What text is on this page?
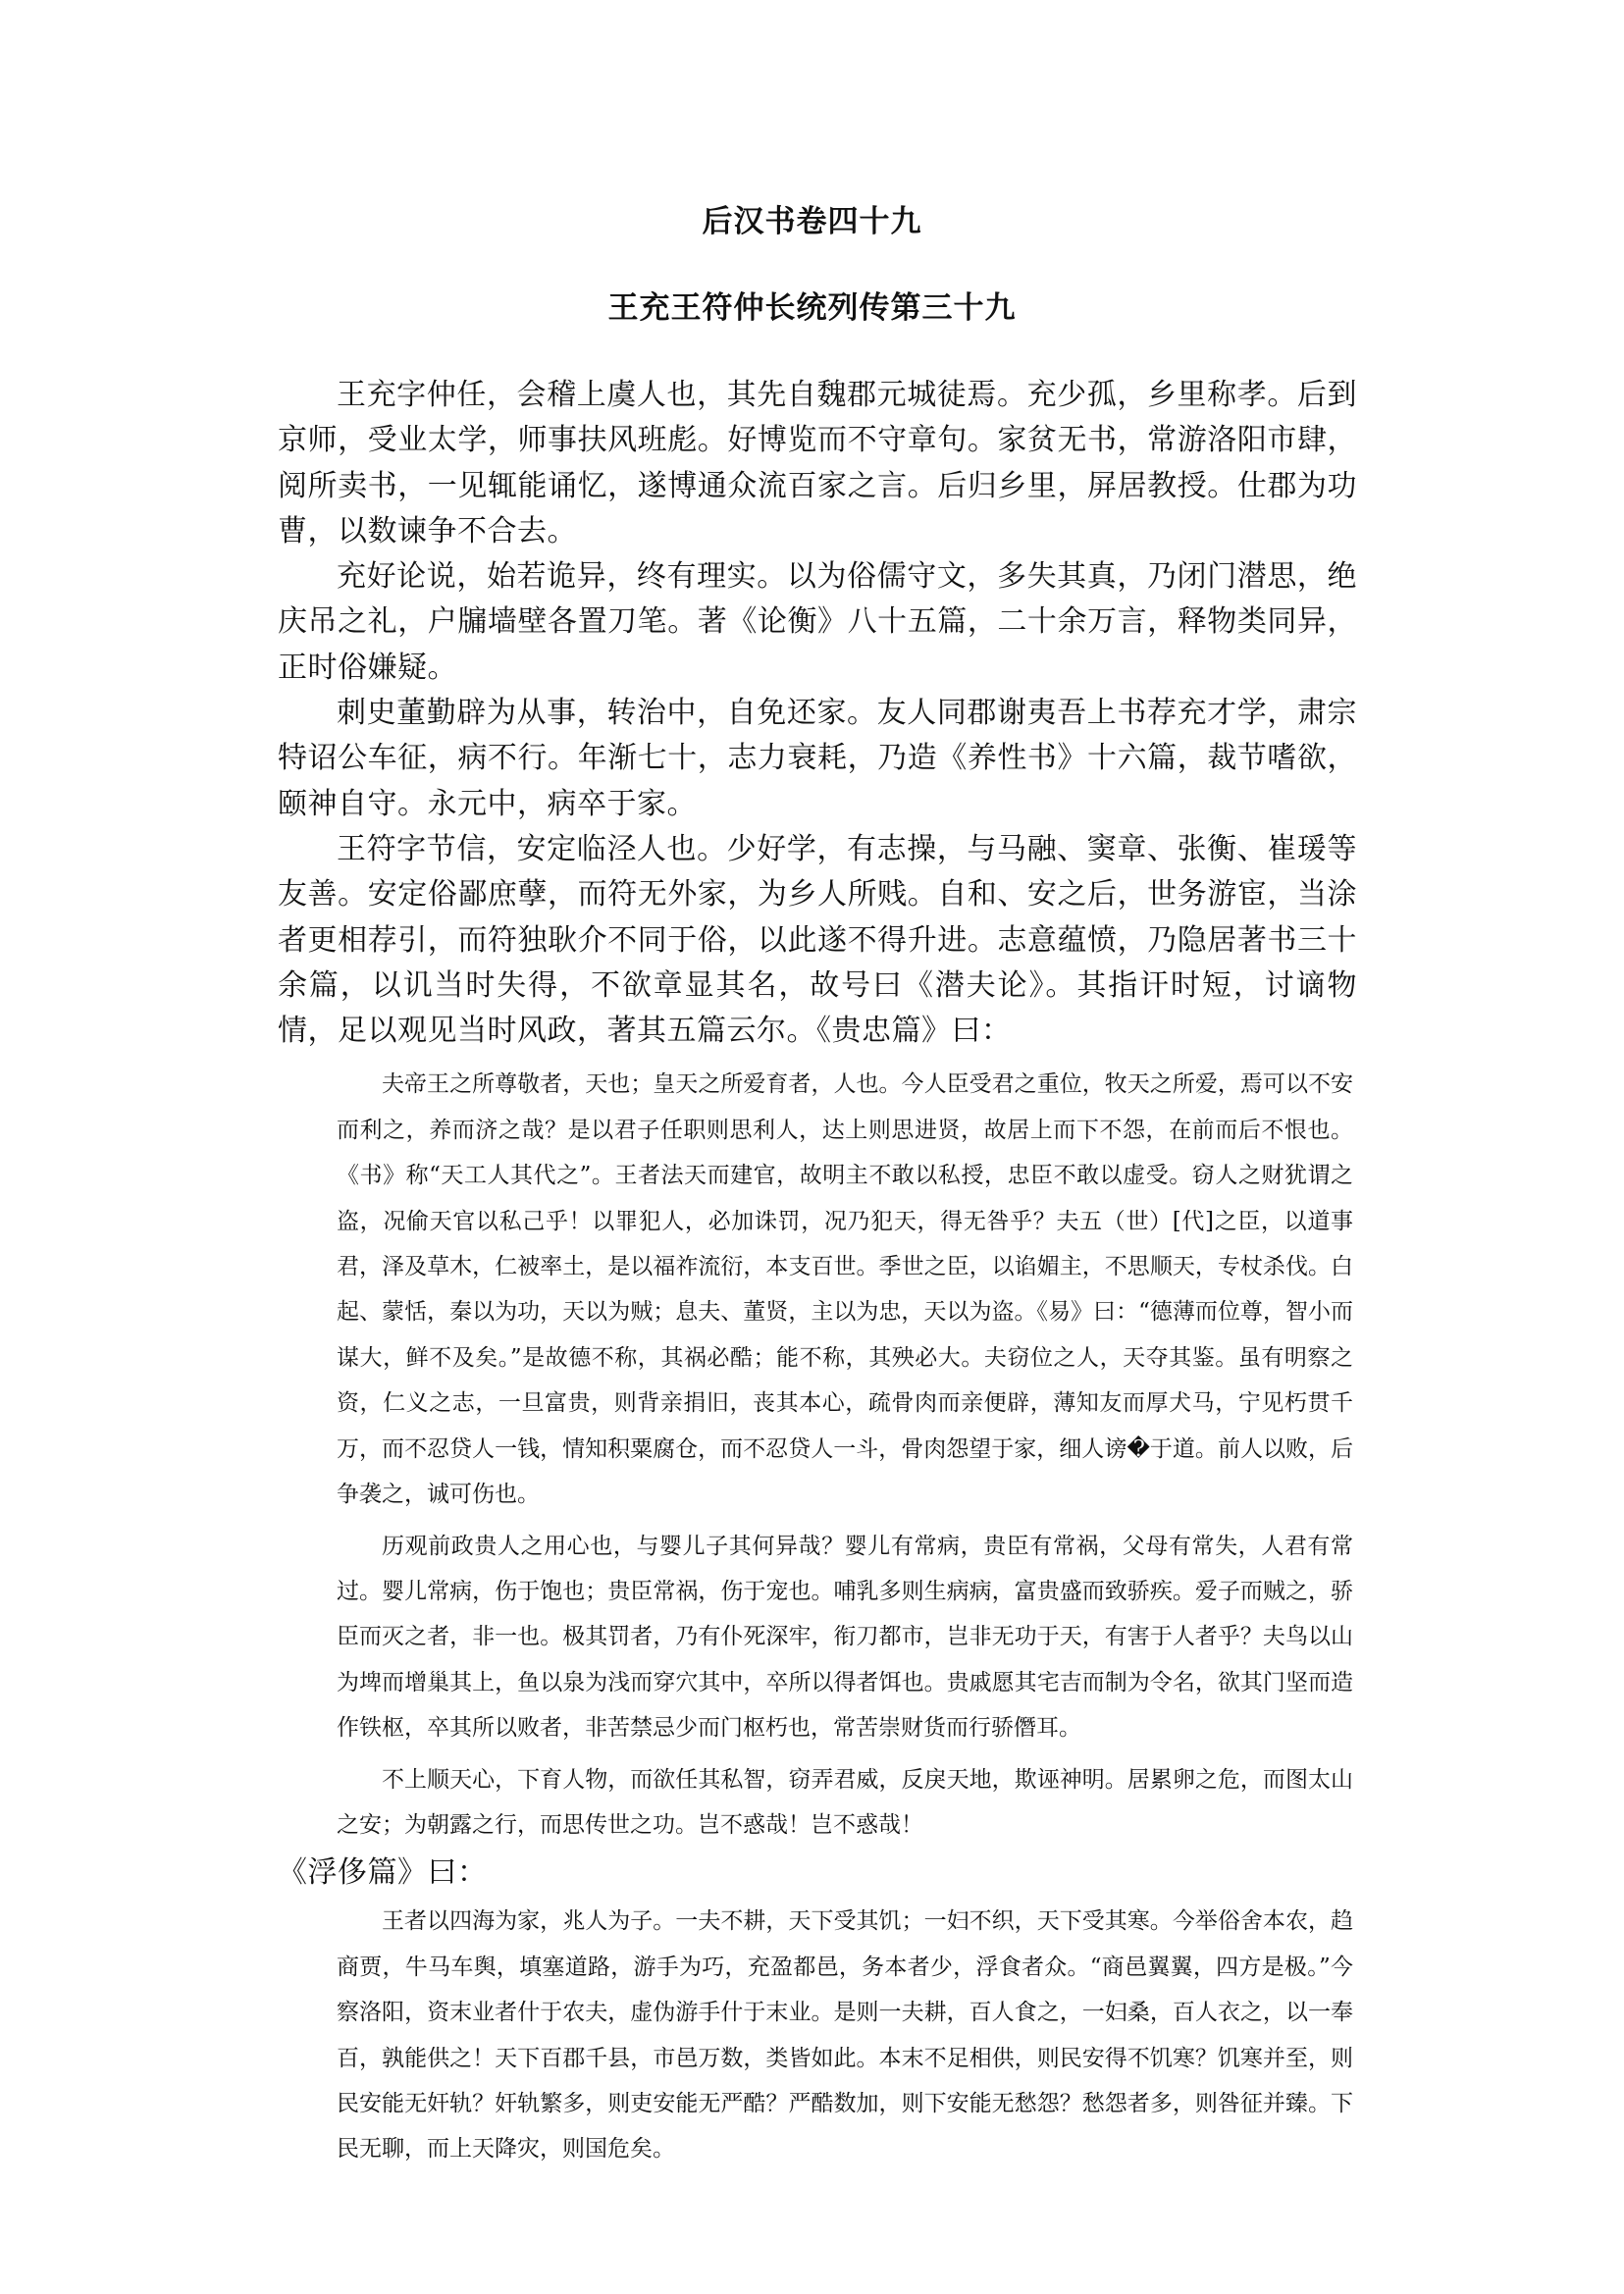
后汉书卷四十九
王充王符仲长统列传第三十九

王充字仲任，会稽上虞人也，其先自魏郡元城徒焉。充少孤，乡里称孝。后到京师，受业太学，师事扶风班彪。好博览而不守章句。家贫无书，常游洛阳市肆，阅所卖书，一见辄能诵忆，遂博通众流百家之言。后归乡里，屏居教授。仕郡为功曹，以数谏争不合去。

充好论说，始若诡异，终有理实。以为俗儒守文，多失其真，乃闭门潜思，绝庆吊之礼，户牖墙壁各置刀笔。著《论衡》八十五篇，二十余万言，释物类同异，正时俗嫌疑。

刺史董勤辟为从事，转治中，自免还家。友人同郡谢夷吾上书荐充才学，肃宗特诏公车征，病不行。年渐七十，志力衰耗，乃造《养性书》十六篇，裁节嗜欲，颐神自守。永元中，病卒于家。

王符字节信，安定临泾人也。少好学，有志操，与马融、窦章、张衡、崔瑗等友善。安定俗鄙庶孽，而符无外家，为乡人所贱。自和、安之后，世务游宦，当涂者更相荐引，而符独耿介不同于俗，以此遂不得升进。志意蕴愤，乃隐居著书三十余篇，以讥当时失得，不欲章显其名，故号曰《潜夫论》。其指讦时短，讨谪物情，足以观见当时风政，著其五篇云尔。《贵忠篇》曰：

夫帝王之所尊敬者，天也；皇天之所爱育者，人也。今人臣受君之重位，牧天之所爱，焉可以不安而利之，养而济之哉？是以君子任职则思利人，达上则思进贤，故居上而下不怨，在前而后不恨也。《书》称“天工人其代之”。王者法天而建官，故明主不敢以私授，忠臣不敢以虚受。窃人之财犹谓之盗，况偷天官以私己乎！以罪犯人，必加诛罚，况乃犯天，得无咎乎？夫五（世）[代]之臣，以道事君，泽及草木，仁被率土，是以福祚流衍，本支百世。季世之臣，以谄媚主，不思顺天，专杖杀伐。白起、蒙恬，秦以为功，天以为贼；息夫、董贤，主以为忠，天以为盗。《易》曰：“德薄而位尊，智小而谋大，鲜不及矣。”是故德不称，其祸必酷；能不称，其殃必大。夫窃位之人，天夺其鉴。虽有明察之资，仁义之志，一旦富贵，则背亲捐旧，丧其本心，疏骨肉而亲便辟，薄知友而厚犬马，宁见朽贯千万，而不忍贷人一钱，情知积粟腐仓，而不忍贷人一斗，骨肉怨望于家，细人谤�于道。前人以败，后争袭之，诚可伤也。

历观前政贵人之用心也，与婴儿子其何异哉？婴儿有常病，贵臣有常祸，父母有常失，人君有常过。婴儿常病，伤于饱也；贵臣常祸，伤于宠也。哺乳多则生病病，富贵盛而致骄疾。爱子而贼之，骄臣而灭之者，非一也。极其罚者，乃有仆死深牢，衔刀都市，岂非无功于天，有害于人者乎？夫鸟以山为埤而增巢其上，鱼以泉为浅而穿穴其中，卒所以得者饵也。贵戚愿其宅吉而制为令名，欲其门坚而造作铁枢，卒其所以败者，非苦禁忌少而门枢朽也，常苦崇财货而行骄僭耳。

不上顺天心，下育人物，而欲任其私智，窃弄君威，反戾天地，欺诬神明。居累卵之危，而图太山之安；为朝露之行，而思传世之功。岂不惑哉！岂不惑哉！

《浮侈篇》曰：

王者以四海为家，兆人为子。一夫不耕，天下受其饥；一妇不织，天下受其寒。今举俗舍本农，趋商贾，牛马车舆，填塞道路，游手为巧，充盈都邑，务本者少，浮食者众。“商邑翼翼，四方是极。”今察洛阳，资末业者什于农夫，虚伪游手什于末业。是则一夫耕，百人食之，一妇桑，百人衣之，以一奉百，孰能供之！天下百郡千县，市邑万数，类皆如此。本末不足相供，则民安得不饥寒？饥寒并至，则民安能无奸轨？奸轨繁多，则吏安能无严酷？严酷数加，则下安能无愁怨？愁怨者多，则咎征并臻。下民无聊，而上天降灾，则国危矣。
